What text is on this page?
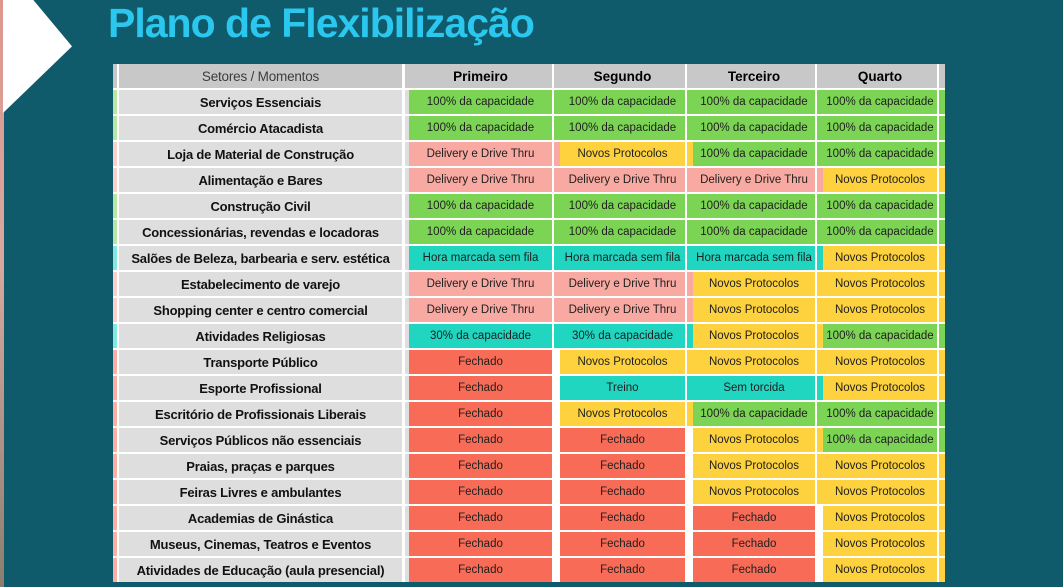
Plano de Flexibilização
Setores / Momentos	Primeiro	Segundo	Terceiro	Quarto
Serviços Essenciais	100% da capacidade	100% da capacidade	100% da capacidade	100% da capacidade
Comércio Atacadista	100% da capacidade	100% da capacidade	100% da capacidade	100% da capacidade
Loja de Material de Construção	Delivery e Drive Thru	Novos Protocolos	100% da capacidade	100% da capacidade
Alimentação e Bares	Delivery e Drive Thru	Delivery e Drive Thru	Delivery e Drive Thru	Novos Protocolos
Construção Civil	100% da capacidade	100% da capacidade	100% da capacidade	100% da capacidade
Concessionárias, revendas e locadoras	100% da capacidade	100% da capacidade	100% da capacidade	100% da capacidade
Salões de Beleza, barbearia e serv. estética	Hora marcada sem fila	Hora marcada sem fila	Hora marcada sem fila	Novos Protocolos
Estabelecimento de varejo	Delivery e Drive Thru	Delivery e Drive Thru	Novos Protocolos	Novos Protocolos
Shopping center e centro comercial	Delivery e Drive Thru	Delivery e Drive Thru	Novos Protocolos	Novos Protocolos
Atividades Religiosas	30% da capacidade	30% da capacidade	Novos Protocolos	100% da capacidade
Transporte Público	Fechado	Novos Protocolos	Novos Protocolos	Novos Protocolos
Esporte Profissional	Fechado	Treino	Sem torcida	Novos Protocolos
Escritório de Profissionais Liberais	Fechado	Novos Protocolos	100% da capacidade	100% da capacidade
Serviços Públicos não essenciais	Fechado	Fechado	Novos Protocolos	100% da capacidade
Praias, praças e parques	Fechado	Fechado	Novos Protocolos	Novos Protocolos
Feiras Livres e ambulantes	Fechado	Fechado	Novos Protocolos	Novos Protocolos
Academias de Ginástica	Fechado	Fechado	Fechado	Novos Protocolos
Museus, Cinemas, Teatros e Eventos	Fechado	Fechado	Fechado	Novos Protocolos
Atividades de Educação (aula presencial)	Fechado	Fechado	Fechado	Novos Protocolos
